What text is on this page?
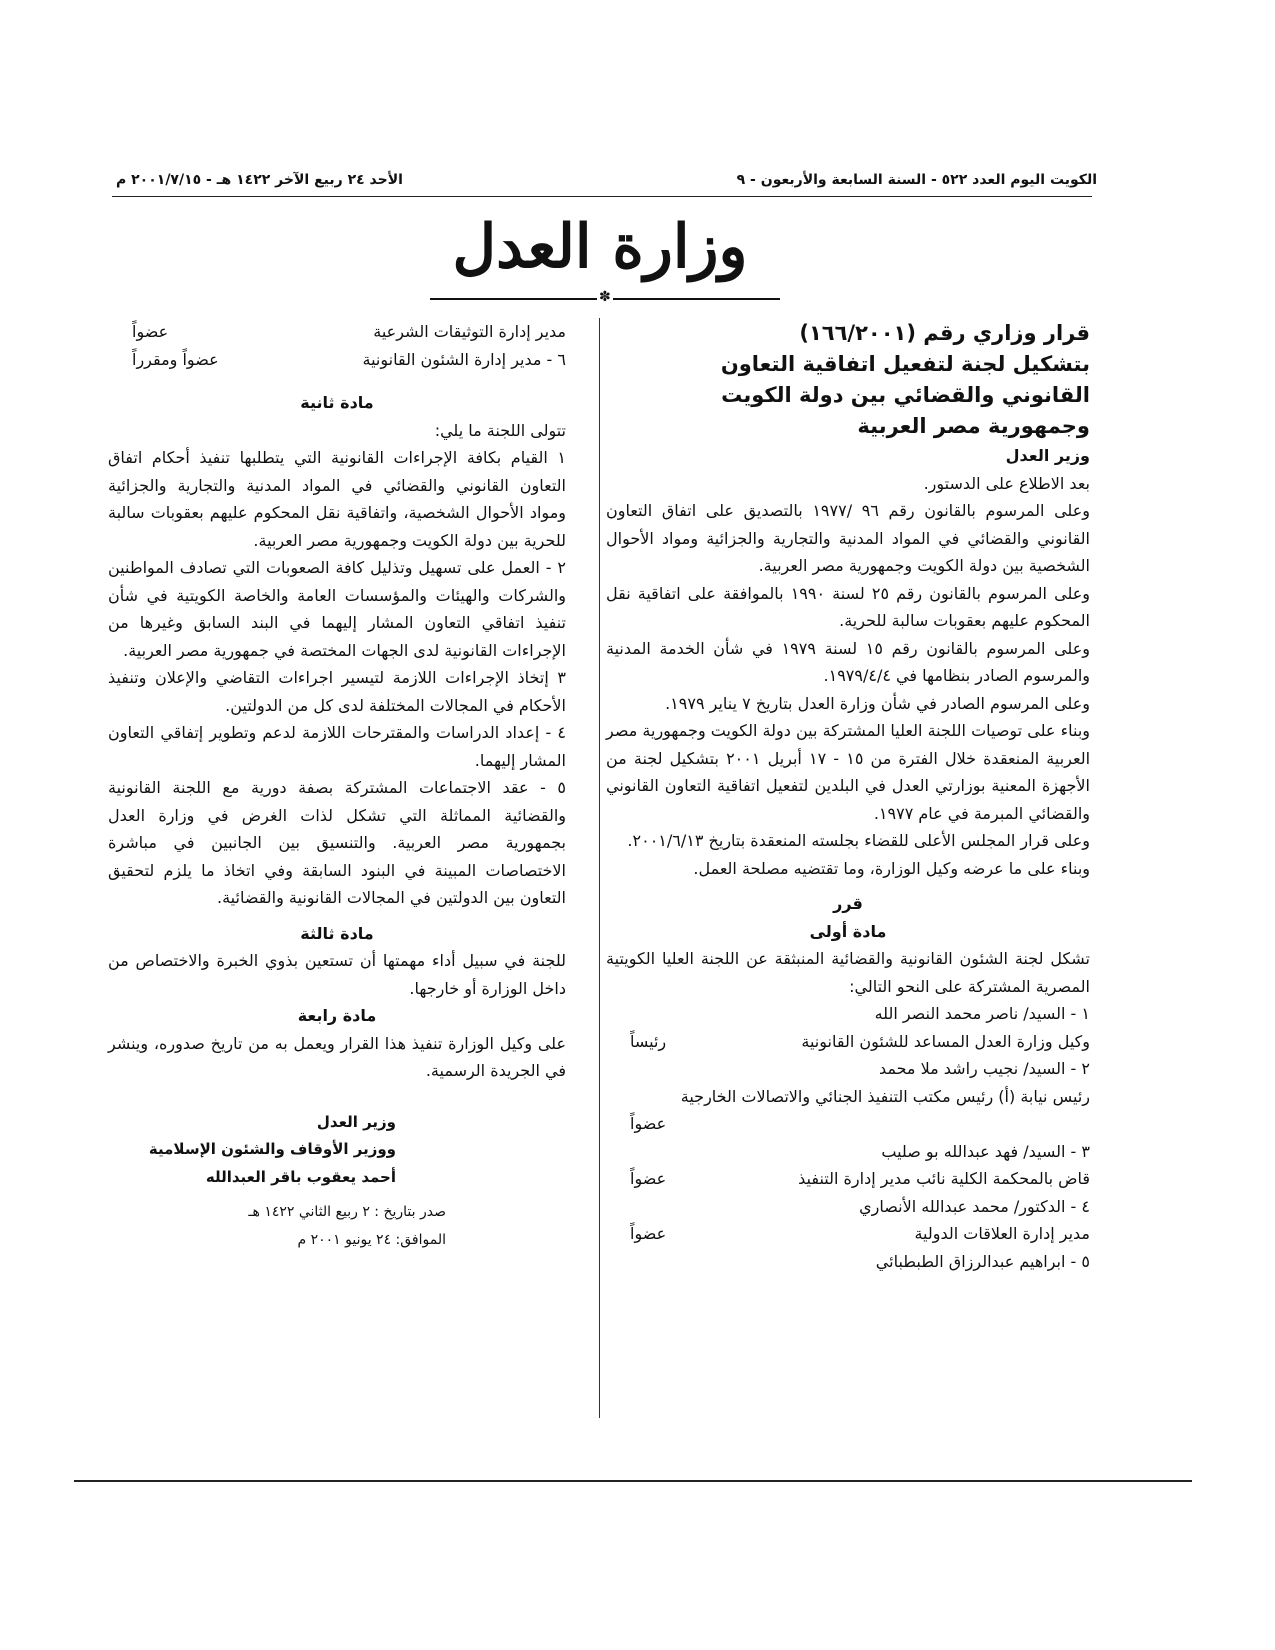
الكويت اليوم العدد ٥٢٢ - السنة السابعة والأربعون - ٩
الأحد ٢٤ ربيع الآخر ١٤٢٢ هـ - ٢٠٠١/٧/١٥ م
وزارة العدل
✽

قرار وزاري رقم (١٦٦/٢٠٠١)

بتشكيل لجنة لتفعيل اتفاقية التعاون

القانوني والقضائي بين دولة الكويت

وجمهورية مصر العربية

وزير العدل

بعد الاطلاع على الدستور.

وعلى المرسوم بالقانون رقم ٩٦ /١٩٧٧ بالتصديق على اتفاق التعاون القانوني والقضائي في المواد المدنية والتجارية والجزائية ومواد الأحوال الشخصية بين دولة الكويت وجمهورية مصر العربية.

وعلى المرسوم بالقانون رقم ٢٥ لسنة ١٩٩٠ بالموافقة على اتفاقية نقل المحكوم عليهم بعقوبات سالبة للحرية.

وعلى المرسوم بالقانون رقم ١٥ لسنة ١٩٧٩ في شأن الخدمة المدنية والمرسوم الصادر بنظامها في ١٩٧٩/٤/٤.

وعلى المرسوم الصادر في شأن وزارة العدل بتاريخ ٧ يناير ١٩٧٩.

وبناء على توصيات اللجنة العليا المشتركة بين دولة الكويت وجمهورية مصر العربية المنعقدة خلال الفترة من ١٥ - ١٧ أبريل ٢٠٠١ بتشكيل لجنة من الأجهزة المعنية بوزارتي العدل في البلدين لتفعيل اتفاقية التعاون القانوني والقضائي المبرمة في عام ١٩٧٧.

وعلى قرار المجلس الأعلى للقضاء بجلسته المنعقدة بتاريخ ٢٠٠١/٦/١٣.

وبناء على ما عرضه وكيل الوزارة، وما تقتضيه مصلحة العمل.

قرر

مادة أولى

تشكل لجنة الشئون القانونية والقضائية المنبثقة عن اللجنة العليا الكويتية المصرية المشتركة على النحو التالي:

١ - السيد/ ناصر محمد النصر الله

وكيل وزارة العدل المساعد للشئون القانونية
رئيساً

٢ - السيد/ نجيب راشد ملا محمد

رئيس نيابة (أ) رئيس مكتب التنفيذ الجنائي والاتصالات الخارجية

عضواً

٣ - السيد/ فهد عبدالله بو صليب

قاض بالمحكمة الكلية نائب مدير إدارة التنفيذ
عضواً

٤ - الدكتور/ محمد عبدالله الأنصاري

مدير إدارة العلاقات الدولية
عضواً

٥ - ابراهيم عبدالرزاق الطبطبائي

مدير إدارة التوثيقات الشرعية
عضواً
٦ - مدير إدارة الشئون القانونية
عضواً ومقرراً

مادة ثانية

تتولى اللجنة ما يلي:

١ القيام بكافة الإجراءات القانونية التي يتطلبها تنفيذ أحكام اتفاق التعاون القانوني والقضائي في المواد المدنية والتجارية والجزائية ومواد الأحوال الشخصية، واتفاقية نقل المحكوم عليهم بعقوبات سالبة للحرية بين دولة الكويت وجمهورية مصر العربية.

٢ - العمل على تسهيل وتذليل كافة الصعوبات التي تصادف المواطنين والشركات والهيئات والمؤسسات العامة والخاصة الكويتية في شأن تنفيذ اتفاقي التعاون المشار إليهما في البند السابق وغيرها من الإجراءات القانونية لدى الجهات المختصة في جمهورية مصر العربية.

٣ إتخاذ الإجراءات اللازمة لتيسير اجراءات التقاضي والإعلان وتنفيذ الأحكام في المجالات المختلفة لدى كل من الدولتين.

٤ - إعداد الدراسات والمقترحات اللازمة لدعم وتطوير إتفاقي التعاون المشار إليهما.

٥ - عقد الاجتماعات المشتركة بصفة دورية مع اللجنة القانونية والقضائية المماثلة التي تشكل لذات الغرض في وزارة العدل بجمهورية مصر العربية. والتنسيق بين الجانبين في مباشرة الاختصاصات المبينة في البنود السابقة وفي اتخاذ ما يلزم لتحقيق التعاون بين الدولتين في المجالات القانونية والقضائية.

مادة ثالثة

للجنة في سبيل أداء مهمتها أن تستعين بذوي الخبرة والاختصاص من داخل الوزارة أو خارجها.

مادة رابعة

على وكيل الوزارة تنفيذ هذا القرار ويعمل به من تاريخ صدوره، وينشر في الجريدة الرسمية.

وزير العدل

ووزير الأوقاف والشئون الإسلامية

أحمد يعقوب باقر العبدالله

صدر بتاريخ : ٢ ربيع الثاني ١٤٢٢ هـ

الموافق: ٢٤ يونيو ٢٠٠١ م
